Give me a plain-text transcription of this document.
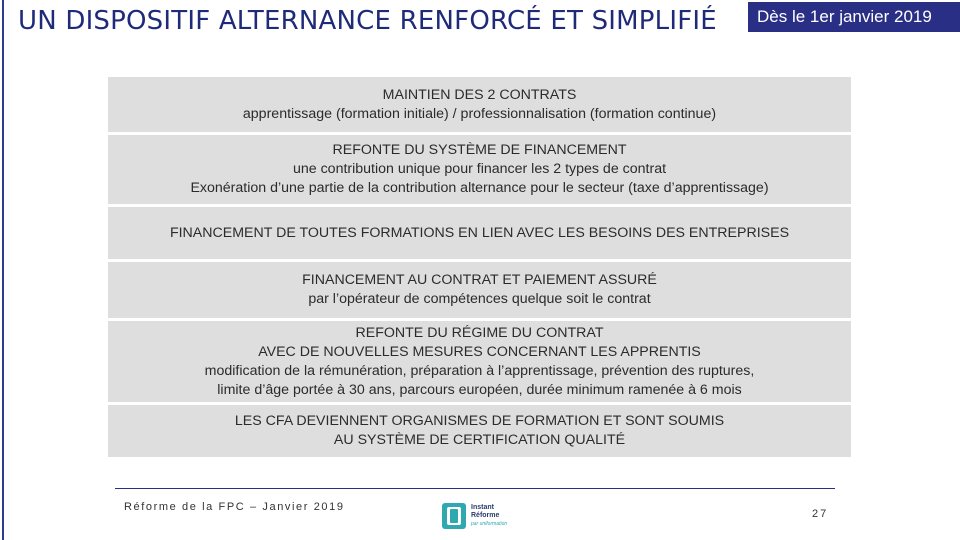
UN DISPOSITIF ALTERNANCE RENFORCÉ ET SIMPLIFIÉ	Dès le 1er janvier 2019
MAINTIEN DES 2 CONTRATS
apprentissage (formation initiale) / professionnalisation (formation continue)
REFONTE DU SYSTÈME DE FINANCEMENT
une contribution unique pour financer les 2 types de contrat
Exonération d’une partie de la contribution alternance pour le secteur (taxe d’apprentissage)
FINANCEMENT DE TOUTES FORMATIONS EN LIEN AVEC LES BESOINS DES ENTREPRISES
FINANCEMENT AU CONTRAT ET PAIEMENT ASSURÉ
par l’opérateur de compétences quelque soit le contrat
REFONTE DU RÉGIME DU CONTRAT
AVEC DE NOUVELLES MESURES CONCERNANT LES APPRENTIS
modification de la rémunération, préparation à l’apprentissage, prévention des ruptures,
limite d’âge portée à 30 ans, parcours européen, durée minimum ramenée à 6 mois
LES CFA DEVIENNENT ORGANISMES DE FORMATION ET SONT SOUMIS
AU SYSTÈME DE CERTIFICATION QUALITÉ
Réforme de la FPC – Janvier 2019	Instant
Réforme
par uniformation
27
